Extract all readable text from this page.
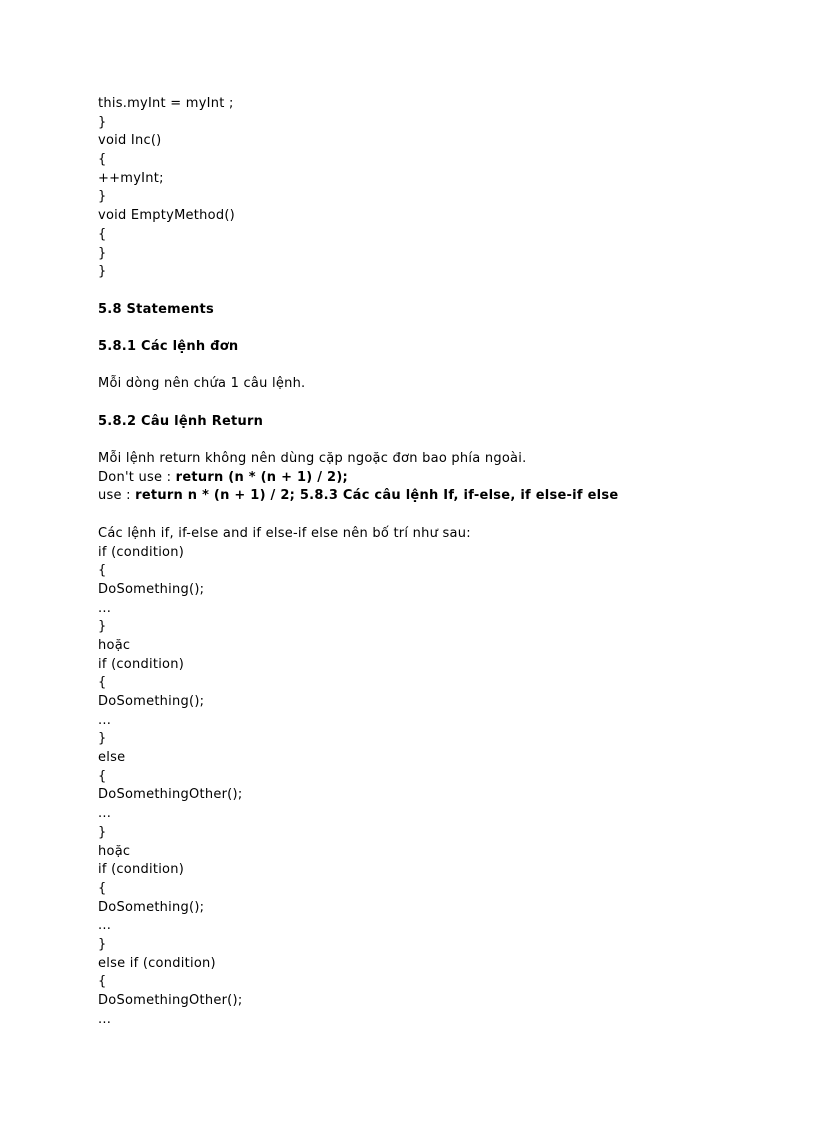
this.myInt = myInt ;
}
void Inc()
{
++myInt;
}
void EmptyMethod()
{
}
}
5.8 Statements
5.8.1 Các lệnh đơn
Mỗi dòng nên chứa 1 câu lệnh.
5.8.2 Câu lệnh Return
Mỗi lệnh return không nên dùng cặp ngoặc đơn bao phía ngoài.
Don't use : return (n * (n + 1) / 2);
use : return n * (n + 1) / 2; 5.8.3 Các câu lệnh If, if-else, if else-if else
Các lệnh if, if-else and if else-if else nên bố trí như sau:
if (condition)
{
DoSomething();
...
}
hoặc
if (condition)
{
DoSomething();
...
}
else
{
DoSomethingOther();
...
}
hoặc
if (condition)
{
DoSomething();
...
}
else if (condition)
{
DoSomethingOther();
...
